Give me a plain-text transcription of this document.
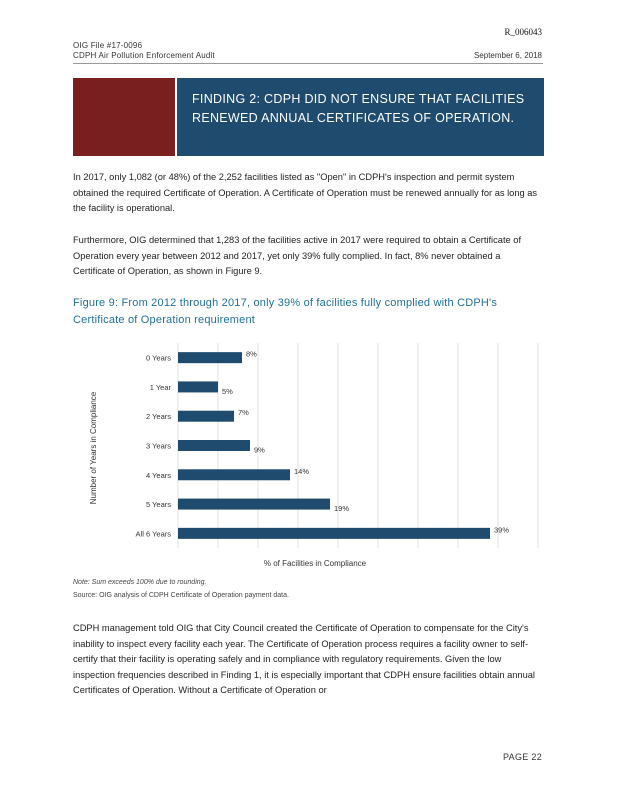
R_006043
OIG File #17-0096
CDPH Air Pollution Enforcement Audit	September 6, 2018
FINDING 2: CDPH DID NOT ENSURE THAT FACILITIES RENEWED ANNUAL CERTIFICATES OF OPERATION.
In 2017, only 1,082 (or 48%) of the 2,252 facilities listed as "Open" in CDPH's inspection and permit system obtained the required Certificate of Operation. A Certificate of Operation must be renewed annually for as long as the facility is operational.
Furthermore, OIG determined that 1,283 of the facilities active in 2017 were required to obtain a Certificate of Operation every year between 2012 and 2017, yet only 39% fully complied. In fact, 8% never obtained a Certificate of Operation, as shown in Figure 9.
Figure 9: From 2012 through 2017, only 39% of facilities fully complied with CDPH's Certificate of Operation requirement
0 Years
1 Year
2 Years
3 Years
4 Years
5 Years
All 6 Years
8%
5%
7%
9%
14%
19%
39%
Number of Years in Compliance
% of Facilities in Compliance
Note: Sum exceeds 100% due to rounding.
Source: OIG analysis of CDPH Certificate of Operation payment data.
CDPH management told OIG that City Council created the Certificate of Operation to compensate for the City's inability to inspect every facility each year. The Certificate of Operation process requires a facility owner to self-certify that their facility is operating safely and in compliance with regulatory requirements. Given the low inspection frequencies described in Finding 1, it is especially important that CDPH ensure facilities obtain annual Certificates of Operation. Without a Certificate of Operation or
PAGE 22
